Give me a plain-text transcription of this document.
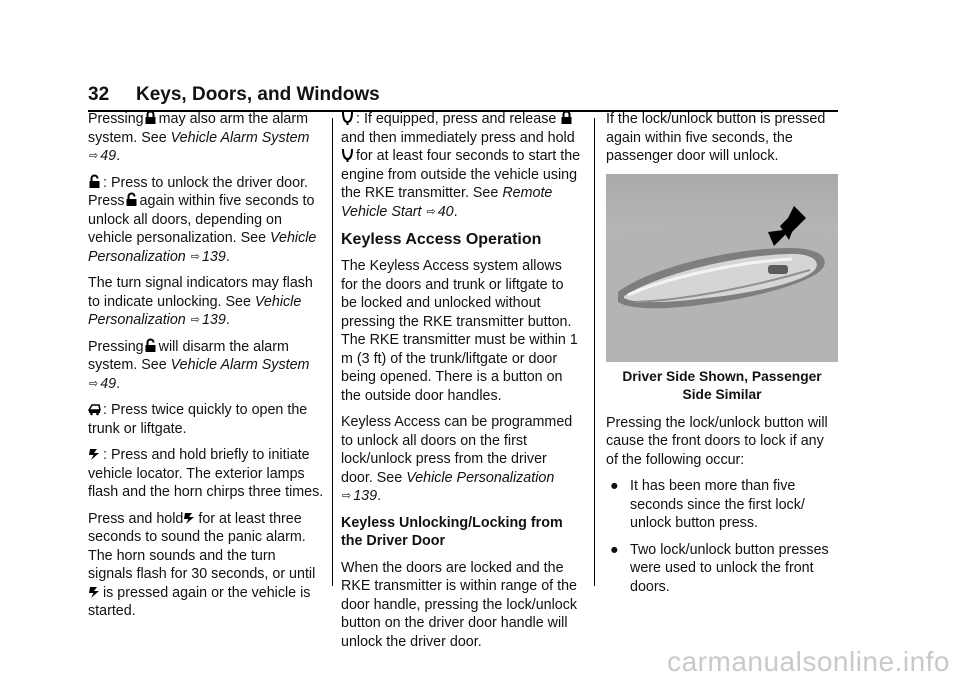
32 Keys, Doors, and Windows

Pressing may also arm the alarm system. See Vehicle Alarm System ⇨ 49.

: Press to unlock the driver door. Press again within five seconds to unlock all doors, depending on vehicle personalization. See Vehicle Personalization ⇨ 139.

The turn signal indicators may flash to indicate unlocking. See Vehicle Personalization ⇨ 139.

Pressing will disarm the alarm system. See Vehicle Alarm System ⇨ 49.

: Press twice quickly to open the trunk or liftgate.

: Press and hold briefly to initiate vehicle locator. The exterior lamps flash and the horn chirps three times.

Press and hold for at least three seconds to sound the panic alarm. The horn sounds and the turn signals flash for 30 seconds, or until
is pressed again or the vehicle is started.

: If equipped, press and release
and then immediately press and hold
for at least four seconds to start the engine from outside the vehicle using the RKE transmitter. See Remote Vehicle Start ⇨ 40.

Keyless Access Operation

The Keyless Access system allows for the doors and trunk or liftgate to be locked and unlocked without pressing the RKE transmitter button. The RKE transmitter must be within 1 m (3 ft) of the trunk/liftgate or door being opened. There is a button on the outside door handles.

Keyless Access can be programmed to unlock all doors on the first lock/unlock press from the driver door. See Vehicle Personalization ⇨ 139.

Keyless Unlocking/Locking from the Driver Door

When the doors are locked and the RKE transmitter is within range of the door handle, pressing the lock/unlock button on the driver door handle will unlock the driver door.

If the lock/unlock button is pressed again within five seconds, the passenger door will unlock.

Driver Side Shown, Passenger Side Similar

Pressing the lock/unlock button will cause the front doors to lock if any of the following occur:

● It has been more than five seconds since the first lock/ unlock button press.
● Two lock/unlock button presses were used to unlock the front doors.
carmanualsonline.info
